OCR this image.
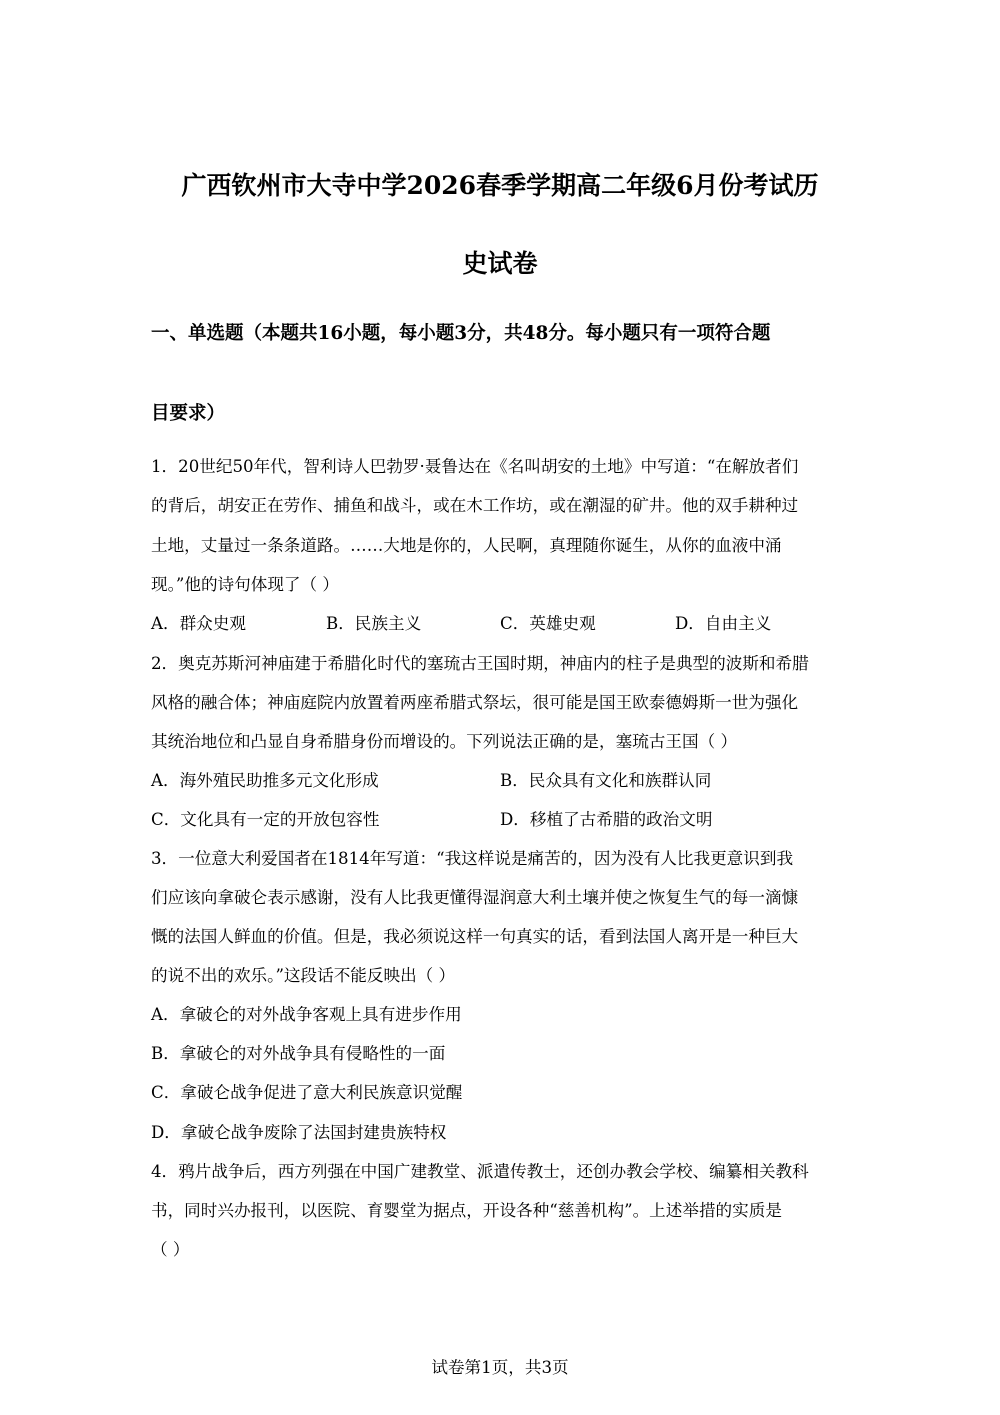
广西钦州市大寺中学2026春季学期高二年级6月份考试历
史试卷
一、单选题（本题共16小题，每小题3分，共48分。每小题只有一项符合题
目要求）
1．20世纪50年代，智利诗人巴勃罗·聂鲁达在《名叫胡安的土地》中写道：“在解放者们
的背后，胡安正在劳作、捕鱼和战斗，或在木工作坊，或在潮湿的矿井。他的双手耕种过
土地，丈量过一条条道路。……大地是你的，人民啊，真理随你诞生，从你的血液中涌
现。”他的诗句体现了（ ）
A．群众史观	B．民族主义	C．英雄史观	D．自由主义
2．奥克苏斯河神庙建于希腊化时代的塞琉古王国时期，神庙内的柱子是典型的波斯和希腊
风格的融合体；神庙庭院内放置着两座希腊式祭坛，很可能是国王欧泰德姆斯一世为强化
其统治地位和凸显自身希腊身份而增设的。下列说法正确的是，塞琉古王国（ ）
A．海外殖民助推多元文化形成	B．民众具有文化和族群认同
C．文化具有一定的开放包容性	D．移植了古希腊的政治文明
3．一位意大利爱国者在1814年写道：“我这样说是痛苦的，因为没有人比我更意识到我
们应该向拿破仑表示感谢，没有人比我更懂得湿润意大利土壤并使之恢复生气的每一滴慷
慨的法国人鲜血的价值。但是，我必须说这样一句真实的话，看到法国人离开是一种巨大
的说不出的欢乐。”这段话不能反映出（ ）
A．拿破仑的对外战争客观上具有进步作用
B．拿破仑的对外战争具有侵略性的一面
C．拿破仑战争促进了意大利民族意识觉醒
D．拿破仑战争废除了法国封建贵族特权
4．鸦片战争后，西方列强在中国广建教堂、派遣传教士，还创办教会学校、编纂相关教科
书，同时兴办报刊，以医院、育婴堂为据点，开设各种“慈善机构”。上述举措的实质是
（ ）
试卷第1页，共3页
